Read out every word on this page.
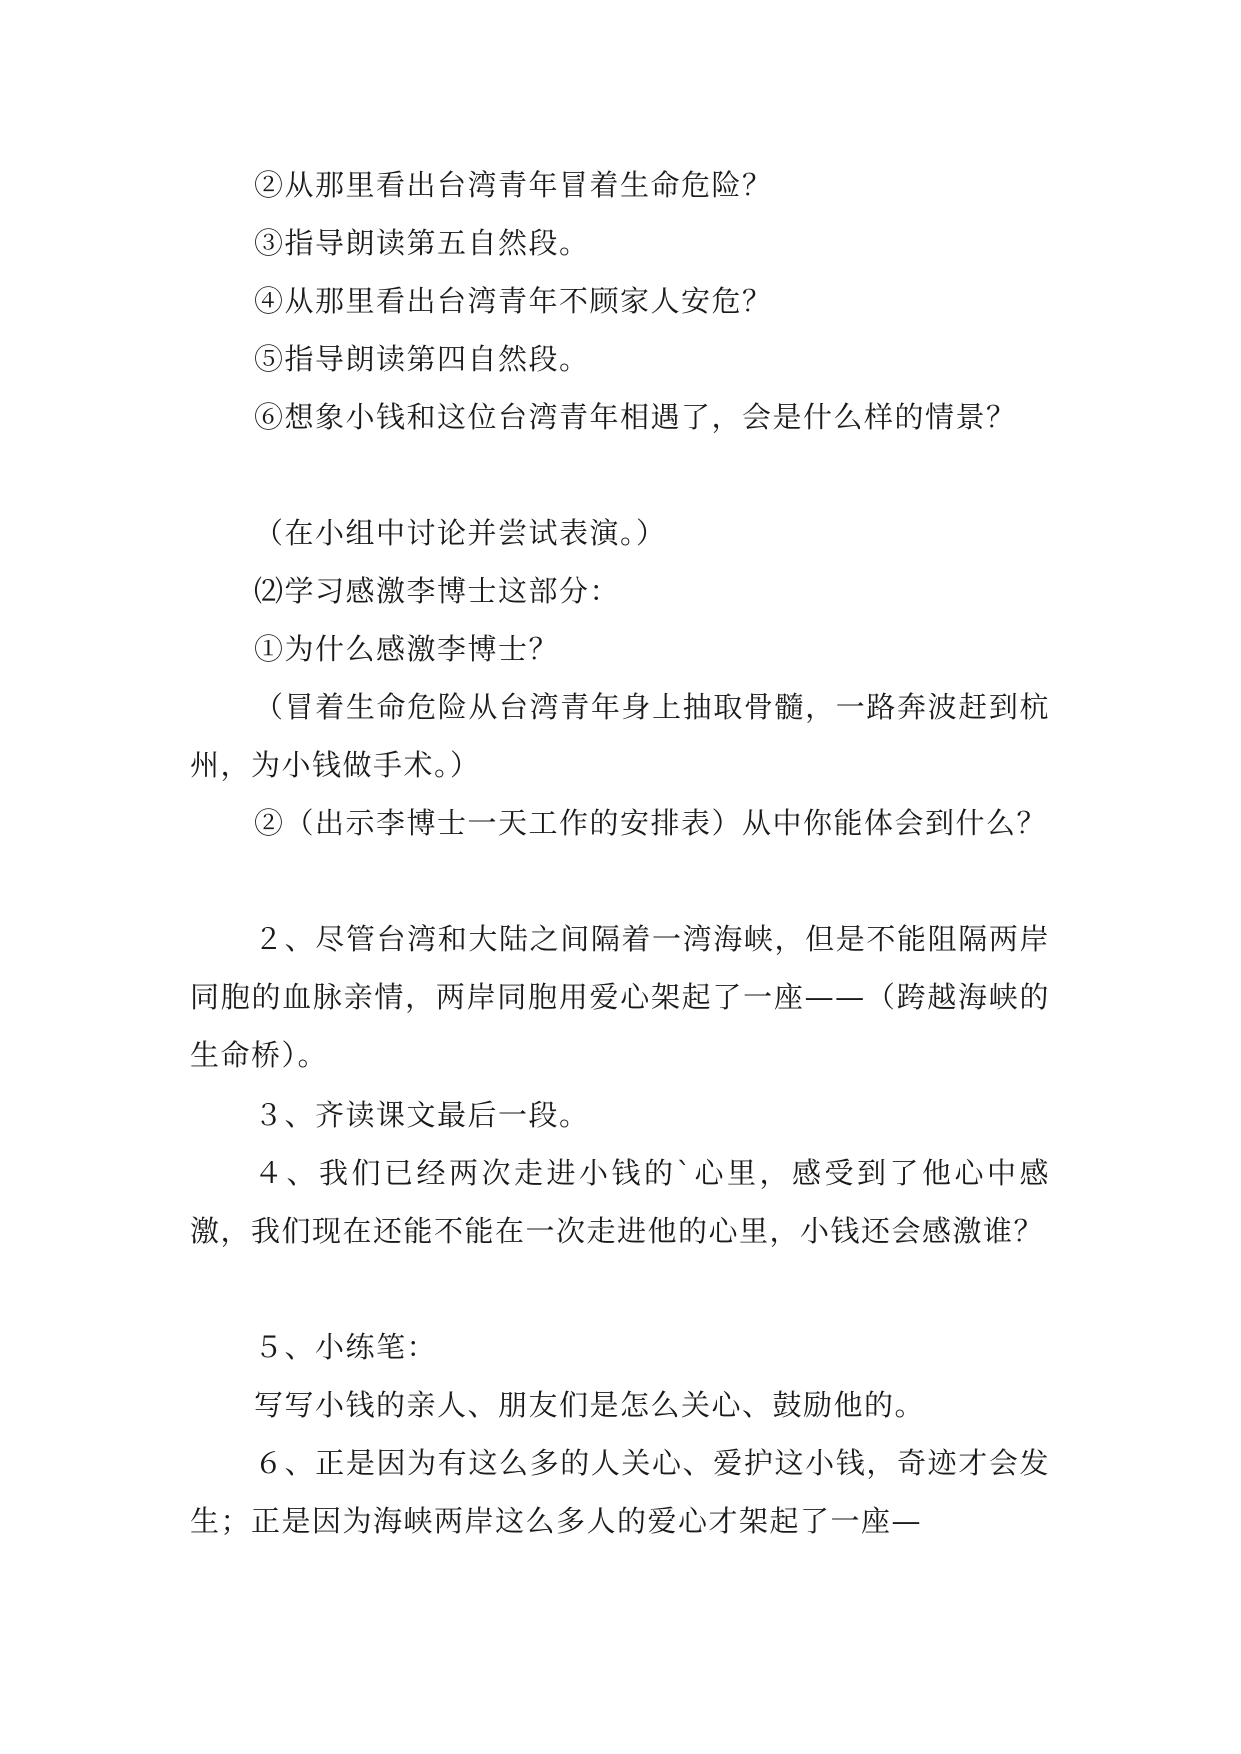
②从那里看出台湾青年冒着生命危险？
③指导朗读第五自然段。
④从那里看出台湾青年不顾家人安危？
⑤指导朗读第四自然段。
⑥想象小钱和这位台湾青年相遇了，会是什么样的情景？
（在小组中讨论并尝试表演。）
⑵学习感激李博士这部分：
①为什么感激李博士？
（冒着生命危险从台湾青年身上抽取骨髓，一路奔波赶到杭州，为小钱做手术。）
②（出示李博士一天工作的安排表）从中你能体会到什么？
２、尽管台湾和大陆之间隔着一湾海峡，但是不能阻隔两岸同胞的血脉亲情，两岸同胞用爱心架起了一座——（跨越海峡的生命桥）。
３、齐读课文最后一段。
４、我们已经两次走进小钱的`心里，感受到了他心中感激，我们现在还能不能在一次走进他的心里，小钱还会感激谁？
５、小练笔：
写写小钱的亲人、朋友们是怎么关心、鼓励他的。
６、正是因为有这么多的人关心、爱护这小钱，奇迹才会发生；正是因为海峡两岸这么多人的爱心才架起了一座—
